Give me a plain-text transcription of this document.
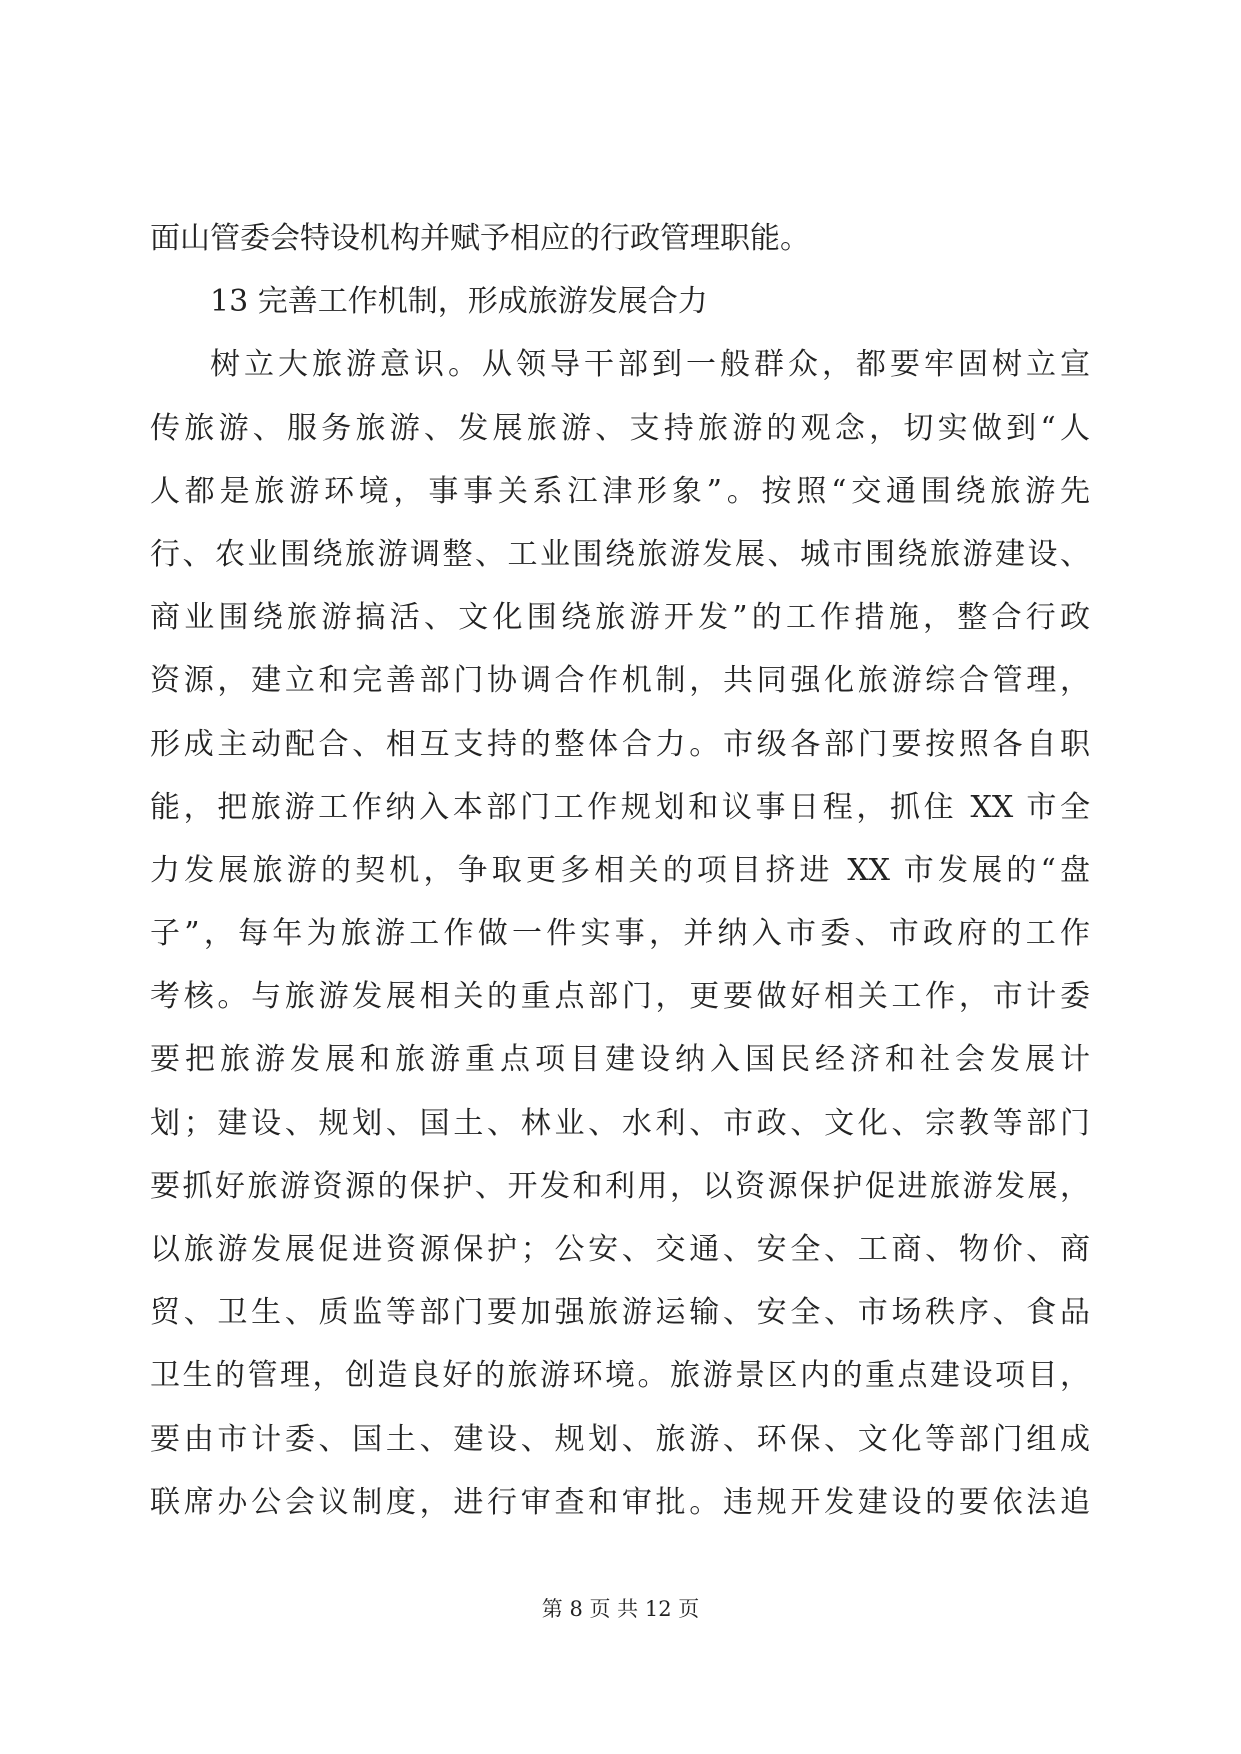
面山管委会特设机构并赋予相应的行政管理职能。
13 完善工作机制，形成旅游发展合力
树立大旅游意识。从领导干部到一般群众，都要牢固树立宣
传旅游、服务旅游、发展旅游、支持旅游的观念，切实做到“人
人都是旅游环境，事事关系江津形象”。按照“交通围绕旅游先
行、农业围绕旅游调整、工业围绕旅游发展、城市围绕旅游建设、
商业围绕旅游搞活、文化围绕旅游开发”的工作措施，整合行政
资源，建立和完善部门协调合作机制，共同强化旅游综合管理，
形成主动配合、相互支持的整体合力。市级各部门要按照各自职
能，把旅游工作纳入本部门工作规划和议事日程，抓住 XX 市全
力发展旅游的契机，争取更多相关的项目挤进 XX 市发展的“盘
子”，每年为旅游工作做一件实事，并纳入市委、市政府的工作
考核。与旅游发展相关的重点部门，更要做好相关工作，市计委
要把旅游发展和旅游重点项目建设纳入国民经济和社会发展计
划；建设、规划、国土、林业、水利、市政、文化、宗教等部门
要抓好旅游资源的保护、开发和利用，以资源保护促进旅游发展，
以旅游发展促进资源保护；公安、交通、安全、工商、物价、商
贸、卫生、质监等部门要加强旅游运输、安全、市场秩序、食品
卫生的管理，创造良好的旅游环境。旅游景区内的重点建设项目，
要由市计委、国土、建设、规划、旅游、环保、文化等部门组成
联席办公会议制度，进行审查和审批。违规开发建设的要依法追
第 8 页 共 12 页
